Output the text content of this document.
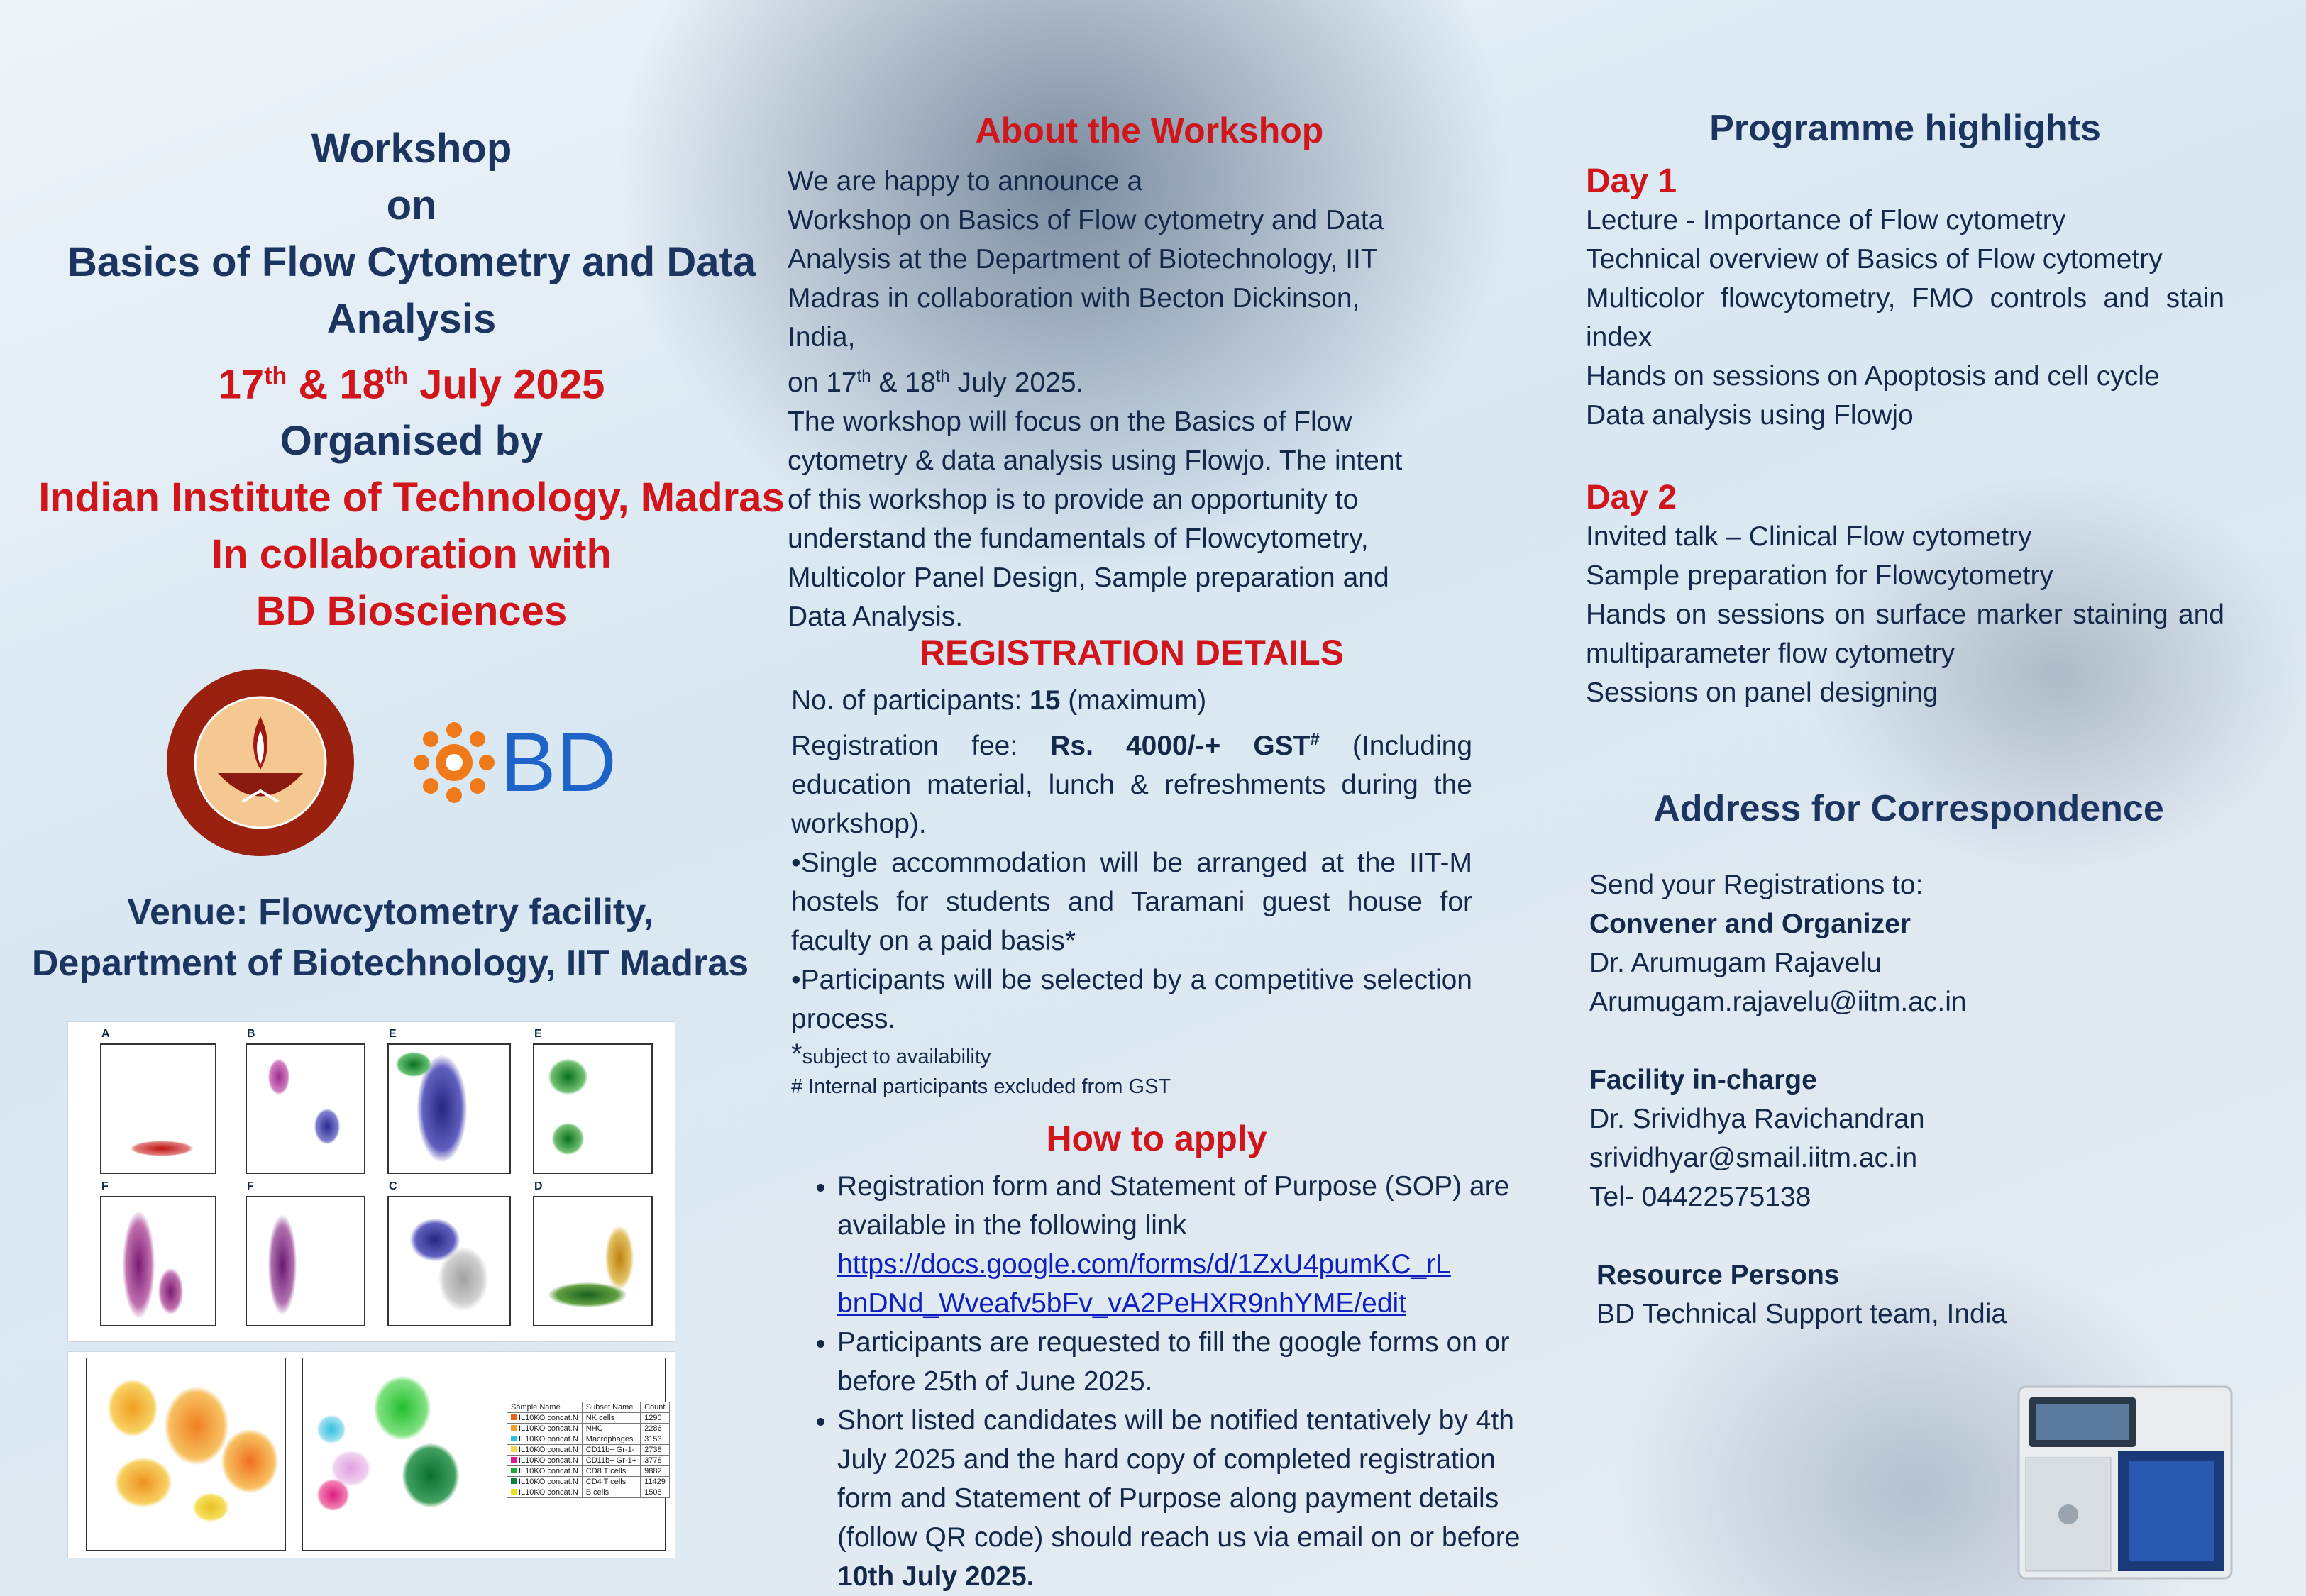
Workshop
on
Basics of Flow Cytometry and Data
Analysis
17th & 18th July 2025
Organised by
Indian Institute of Technology, Madras
In collaboration with
BD Biosciences
BD
Venue: Flowcytometry facility,
Department of Biotechnology, IIT Madras
A	B	E	E
F	F	C	D
Sample Name	Subset Name	Count
IL10KO concat.N	NK cells	1290
IL10KO concat.N	NHC	2286
IL10KO concat.N	Macrophages	3153
IL10KO concat.N	CD11b+ Gr-1-	2738
IL10KO concat.N	CD11b+ Gr-1+	3778
IL10KO concat.N	CD8 T cells	9882
IL10KO concat.N	CD4 T cells	11429
IL10KO concat.N	B cells	1508
About the Workshop
We are happy to announce a
Workshop on Basics of Flow cytometry and Data
Analysis at the Department of Biotechnology, IIT
Madras in collaboration with Becton Dickinson,
India,
on 17th & 18th July 2025.
The workshop will focus on the Basics of Flow
cytometry & data analysis using Flowjo. The intent
of this workshop is to provide an opportunity to
understand the fundamentals of Flowcytometry,
Multicolor Panel Design, Sample preparation and
Data Analysis.
REGISTRATION DETAILS
No. of participants: 15 (maximum)
Registration fee: Rs. 4000/-+ GST# (Including education material, lunch & refreshments during the workshop).
•Single accommodation will be arranged at the IIT-M hostels for students and Taramani guest house for faculty on a paid basis*
•Participants will be selected by a competitive selection process.
*subject to availability
# Internal participants excluded from GST
How to apply
• Registration form and Statement of Purpose (SOP) are available in the following link
https://docs.google.com/forms/d/1ZxU4pumKC_rL
bnDNd_Wveafv5bFv_vA2PeHXR9nhYME/edit
• Participants are requested to fill the google forms on or before 25th of June 2025.
• Short listed candidates will be notified tentatively by 4th July 2025 and the hard copy of completed registration form and Statement of Purpose along payment details (follow QR code) should reach us via email on or before 10th July 2025.
Programme highlights
Day 1
Lecture - Importance of Flow cytometry
Technical overview of Basics of Flow cytometry
Multicolor flowcytometry, FMO controls and stain index
Hands on sessions on Apoptosis and cell cycle
Data analysis using Flowjo
Day 2
Invited talk – Clinical Flow cytometry
Sample preparation for Flowcytometry
Hands on sessions on surface marker staining and multiparameter flow cytometry
Sessions on panel designing
Address for Correspondence
Send your Registrations to:
Convener and Organizer
Dr. Arumugam Rajavelu
Arumugam.rajavelu@iitm.ac.in
Facility in-charge
Dr. Srividhya Ravichandran
srividhyar@smail.iitm.ac.in
Tel- 04422575138
Resource Persons
BD Technical Support team, India
